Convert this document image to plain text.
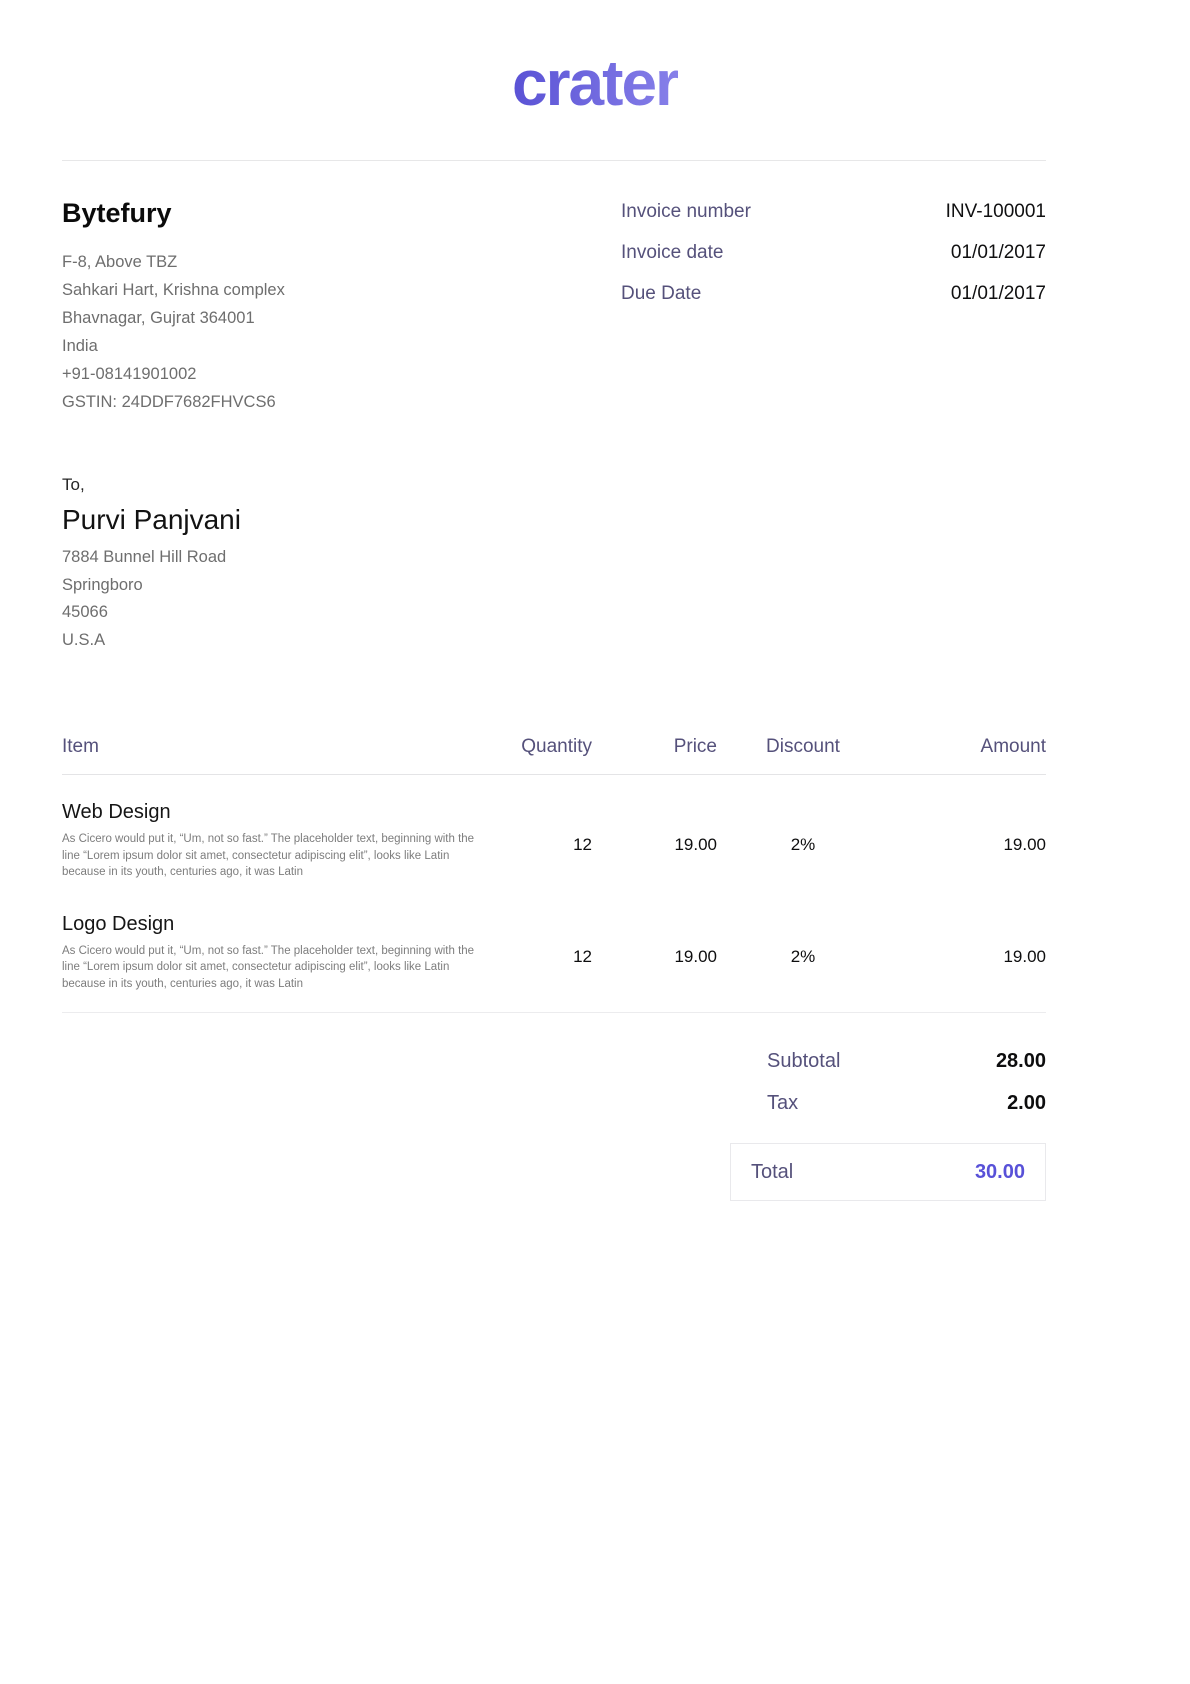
crater
Bytefury
F-8, Above TBZ
Sahkari Hart, Krishna complex
Bhavnagar, Gujrat 364001
India
+91-08141901002
GSTIN: 24DDF7682FHVCS6
Invoice number	INV-100001
Invoice date	01/01/2017
Due Date	01/01/2017
To,
Purvi Panjvani
7884 Bunnel Hill Road
Springboro
45066
U.S.A
Item	Quantity	Price	Discount	Amount
Web Design
As Cicero would put it, “Um, not so fast.” The placeholder text, beginning with the line “Lorem ipsum dolor sit amet, consectetur adipiscing elit”, looks like Latin because in its youth, centuries ago, it was Latin
12	19.00	2%	19.00
Logo Design
As Cicero would put it, “Um, not so fast.” The placeholder text, beginning with the line “Lorem ipsum dolor sit amet, consectetur adipiscing elit”, looks like Latin because in its youth, centuries ago, it was Latin
12	19.00	2%	19.00
Subtotal	28.00
Tax	2.00
Total	30.00
